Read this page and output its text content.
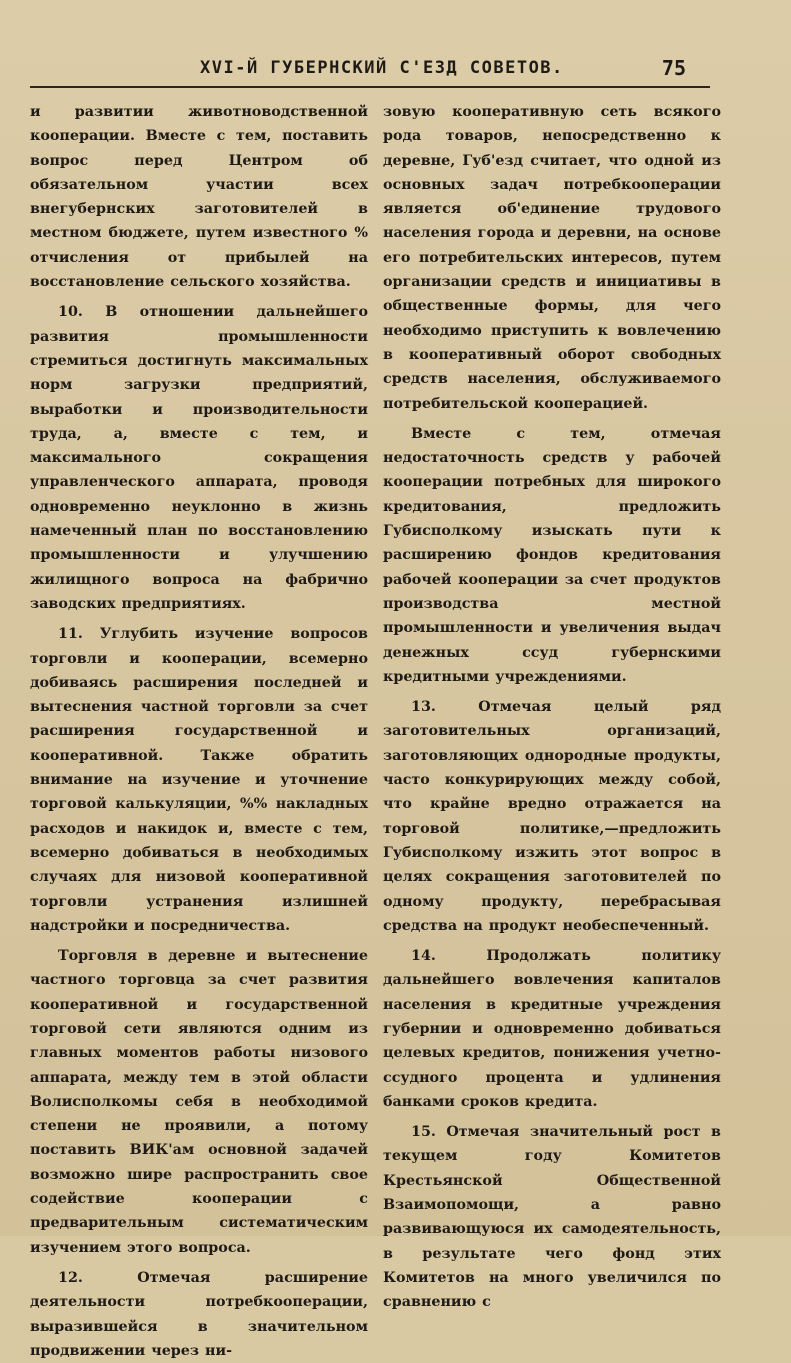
XVI-Й ГУБЕРНСКИЙ С'ЕЗД СОВЕТОВ.	75

и развитии животноводственной кооперации. Вместе с тем, поставить вопрос перед Центром об обязательном участии всех внегубернских заготовителей в местном бюджете, путем известного % отчисления от прибылей на восстановление сельского хозяйства.

10. В отношении дальнейшего развития промышленности стремиться достигнуть максимальных норм загрузки предприятий, выработки и производительности труда, а, вместе с тем, и максимального сокращения управленческого аппарата, проводя одновременно неуклонно в жизнь намеченный план по восстановлению промышленности и улучшению жилищного вопроса на фабрично заводских предприятиях.

11. Углубить изучение вопросов торговли и кооперации, всемерно добиваясь расширения последней и вытеснения частной торговли за счет расширения государственной и кооперативной. Также обратить внимание на изучение и уточнение торговой калькуляции, %% накладных расходов и накидок и, вместе с тем, всемерно добиваться в необходимых случаях для низовой кооперативной торговли устранения излишней надстройки и посредничества.

Торговля в деревне и вытеснение частного торговца за счет развития кооперативной и государственной торговой сети являются одним из главных моментов работы низового аппарата, между тем в этой области Волисполкомы себя в необходимой степени не проявили, а потому поставить ВИК'ам основной задачей возможно шире распространить свое содействие кооперации с предварительным систематическим изучением этого вопроса.

12. Отмечая расширение деятельности потребкооперации, выразившейся в значительном продвижении через ни-

зовую кооперативную сеть всякого рода товаров, непосредственно к деревне, Губ'езд считает, что одной из основных задач потребкооперации является об'единение трудового населения города и деревни, на основе его потребительских интересов, путем организации средств и инициативы в общественные формы, для чего необходимо приступить к вовлечению в кооперативный оборот свободных средств населения, обслуживаемого потребительской кооперацией.

Вместе с тем, отмечая недостаточность средств у рабочей кооперации потребных для широкого кредитования, предложить Губисполкому изыскать пути к расширению фондов кредитования рабочей кооперации за счет продуктов производства местной промышленности и увеличения выдач денежных ссуд губернскими кредитными учреждениями.

13. Отмечая целый ряд заготовительных организаций, заготовляющих однородные продукты, часто конкурирующих между собой, что крайне вредно отражается на торговой политике,—предложить Губисполкому изжить этот вопрос в целях сокращения заготовителей по одному продукту, перебрасывая средства на продукт необеспеченный.

14. Продолжать политику дальнейшего вовлечения капиталов населения в кредитные учреждения губернии и одновременно добиваться целевых кредитов, понижения учетно-ссудного процента и удлинения банками сроков кредита.

15. Отмечая значительный рост в текущем году Комитетов Крестьянской Общественной Взаимопомощи, а равно развивающуюся их самодеятельность, в результате чего фонд этих Комитетов на много увеличился по сравнению с
